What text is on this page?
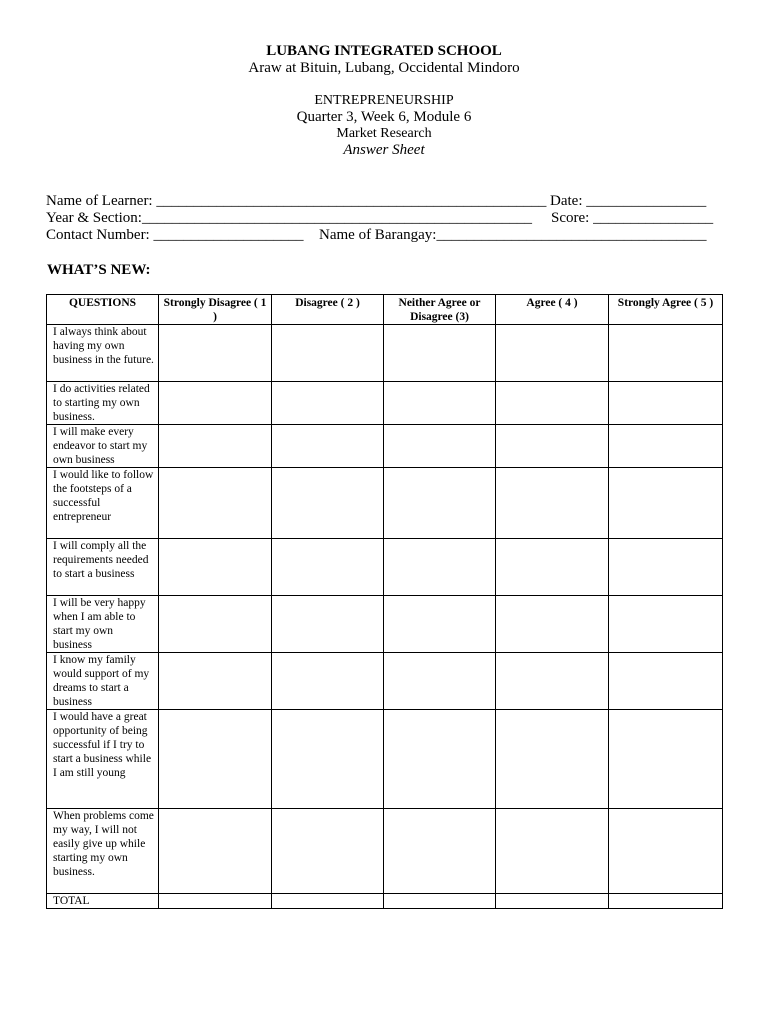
LUBANG INTEGRATED SCHOOL
Araw at Bituin, Lubang, Occidental Mindoro
ENTREPRENEURSHIP
Quarter 3, Week 6, Module 6
Market Research
Answer Sheet
Name of Learner: ____________________________________________________ Date: ________________
Year & Section:____________________________________________________ Score: ________________
Contact Number: ____________________ Name of Barangay:____________________________________
WHAT’S NEW:
QUESTIONS	Strongly Disagree ( 1 )	Disagree ( 2 )	Neither Agree or Disagree (3)	Agree ( 4 )	Strongly Agree ( 5 )
I always think about having my own business in the future.					
I do activities related to starting my own business.					
I will make every endeavor to start my own business					
I would like to follow the footsteps of a successful entrepreneur					
I will comply all the requirements needed to start a business					
I will be very happy when I am able to start my own business					
I know my family would support of my dreams to start a business					
I would have a great opportunity of being successful if I try to start a business while I am still young					
When problems come my way, I will not easily give up while starting my own business.					
TOTAL					
